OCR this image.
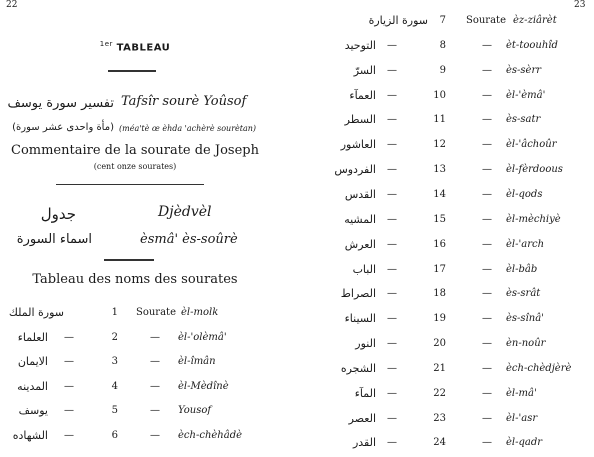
22	23
$^{1er}$ TABLEAU
تفسير سورة يوسف Tafsîr sourè Yoûsof
(مأة واحدى عشر سورة) (méa'tè œ èhda 'achèrè sourètan)
Commentaire de la sourate de Joseph
(cent onze sourates)
جدول	Djèdvèl
اسماء السورة	èsmâ' ès-soûrè
Tableau des noms des sourates
سورة الملك	1 Sourate èl-molk
العلماء —	2	— èl-'olèmâ'
الايمان —	3	— èl-îmân
المدينه —	4	— èl-Mèdînè
يوسف —	5	— Yousof
الشهاده —	6	— èch-chèhâdè
سورة الزيارة	7 Sourate èz-ziârèt
التوحيد —	8	— èt-toouhîd
السرّ —	9	— ès-sèrr
العمآء —	10	— èl-'èmâ'
السطر —	11	— ès-satr
العاشور —	12	— èl-'âchoûr
الفردوس —	13	— èl-fèrdoous
القدس —	14	— èl-qods
المشيه —	15	— èl-mèchiyè
العرش —	16	— èl-'arch
الباب —	17	— èl-bâb
الصراط —	18	— ès-srât
السيناء —	19	— ès-sînâ'
النور —	20	— èn-noûr
الشجره —	21	— èch-chèdjèrè
المآء —	22	— èl-mâ'
العصر —	23	— èl-'asr
القدر —	24	— èl-qadr
